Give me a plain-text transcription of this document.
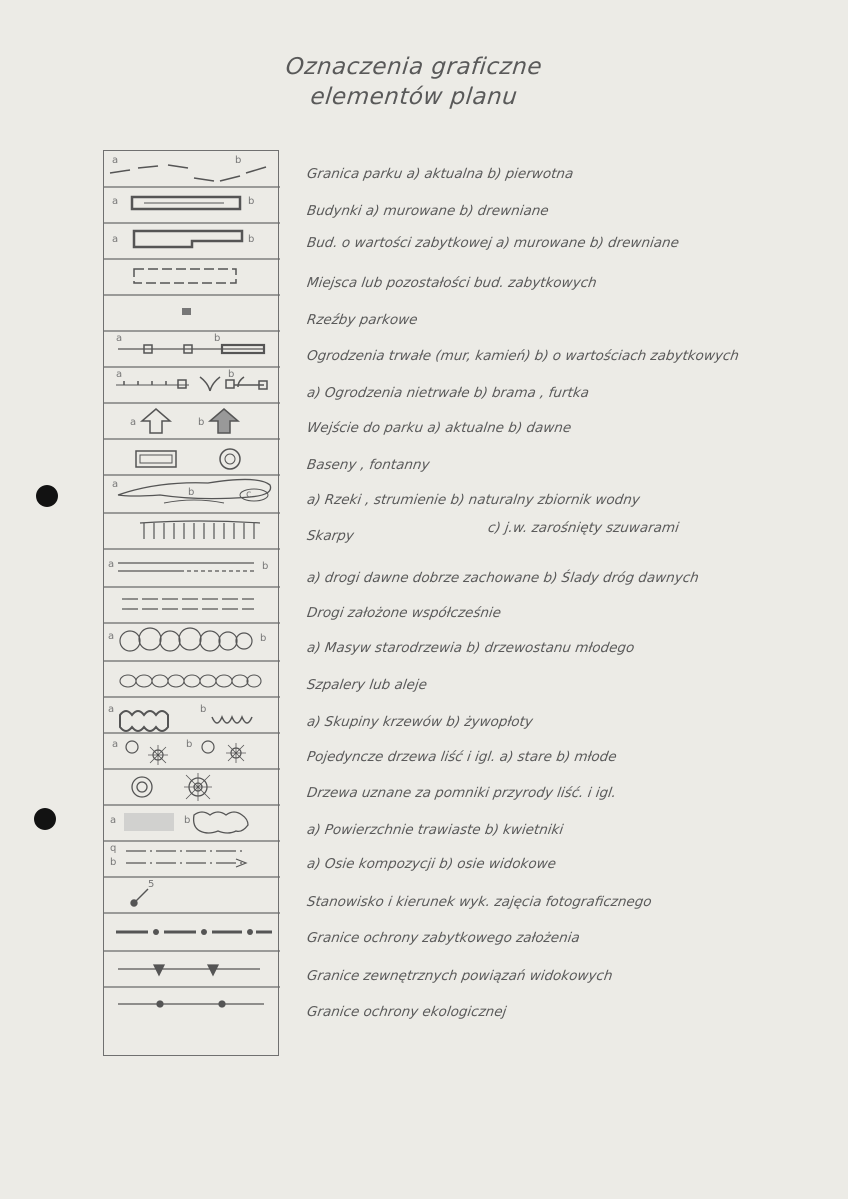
Oznaczenia graficzne
elementów planu
a	b
a	b
a	b
a	b
a	b
a	b
a
b	c
a	b
a	b
a	b
a	b
a	b
q
b
5
Granica parku a) aktualna b) pierwotna
Budynki a) murowane b) drewniane
Bud. o wartości zabytkowej a) murowane b) drewniane
Miejsca lub pozostałości bud. zabytkowych
Rzeźby parkowe
Ogrodzenia trwałe (mur, kamień) b) o wartościach zabytkowych
a) Ogrodzenia nietrwałe b) brama , furtka
Wejście do parku a) aktualne b) dawne
Baseny , fontanny
a) Rzeki , strumienie b) naturalny zbiornik wodny
Skarpy	c) j.w. zarośnięty szuwarami
a) drogi dawne dobrze zachowane b) Ślady dróg dawnych
Drogi założone współcześnie
a) Masyw starodrzewia b) drzewostanu młodego
Szpalery lub aleje
a) Skupiny krzewów b) żywopłoty
Pojedyncze drzewa liść i igl. a) stare b) młode
Drzewa uznane za pomniki przyrody liść. i igl.
a) Powierzchnie trawiaste b) kwietniki
a) Osie kompozycji b) osie widokowe
Stanowisko i kierunek wyk. zajęcia fotograficznego
Granice ochrony zabytkowego założenia
Granice zewnętrznych powiązań widokowych
Granice ochrony ekologicznej
